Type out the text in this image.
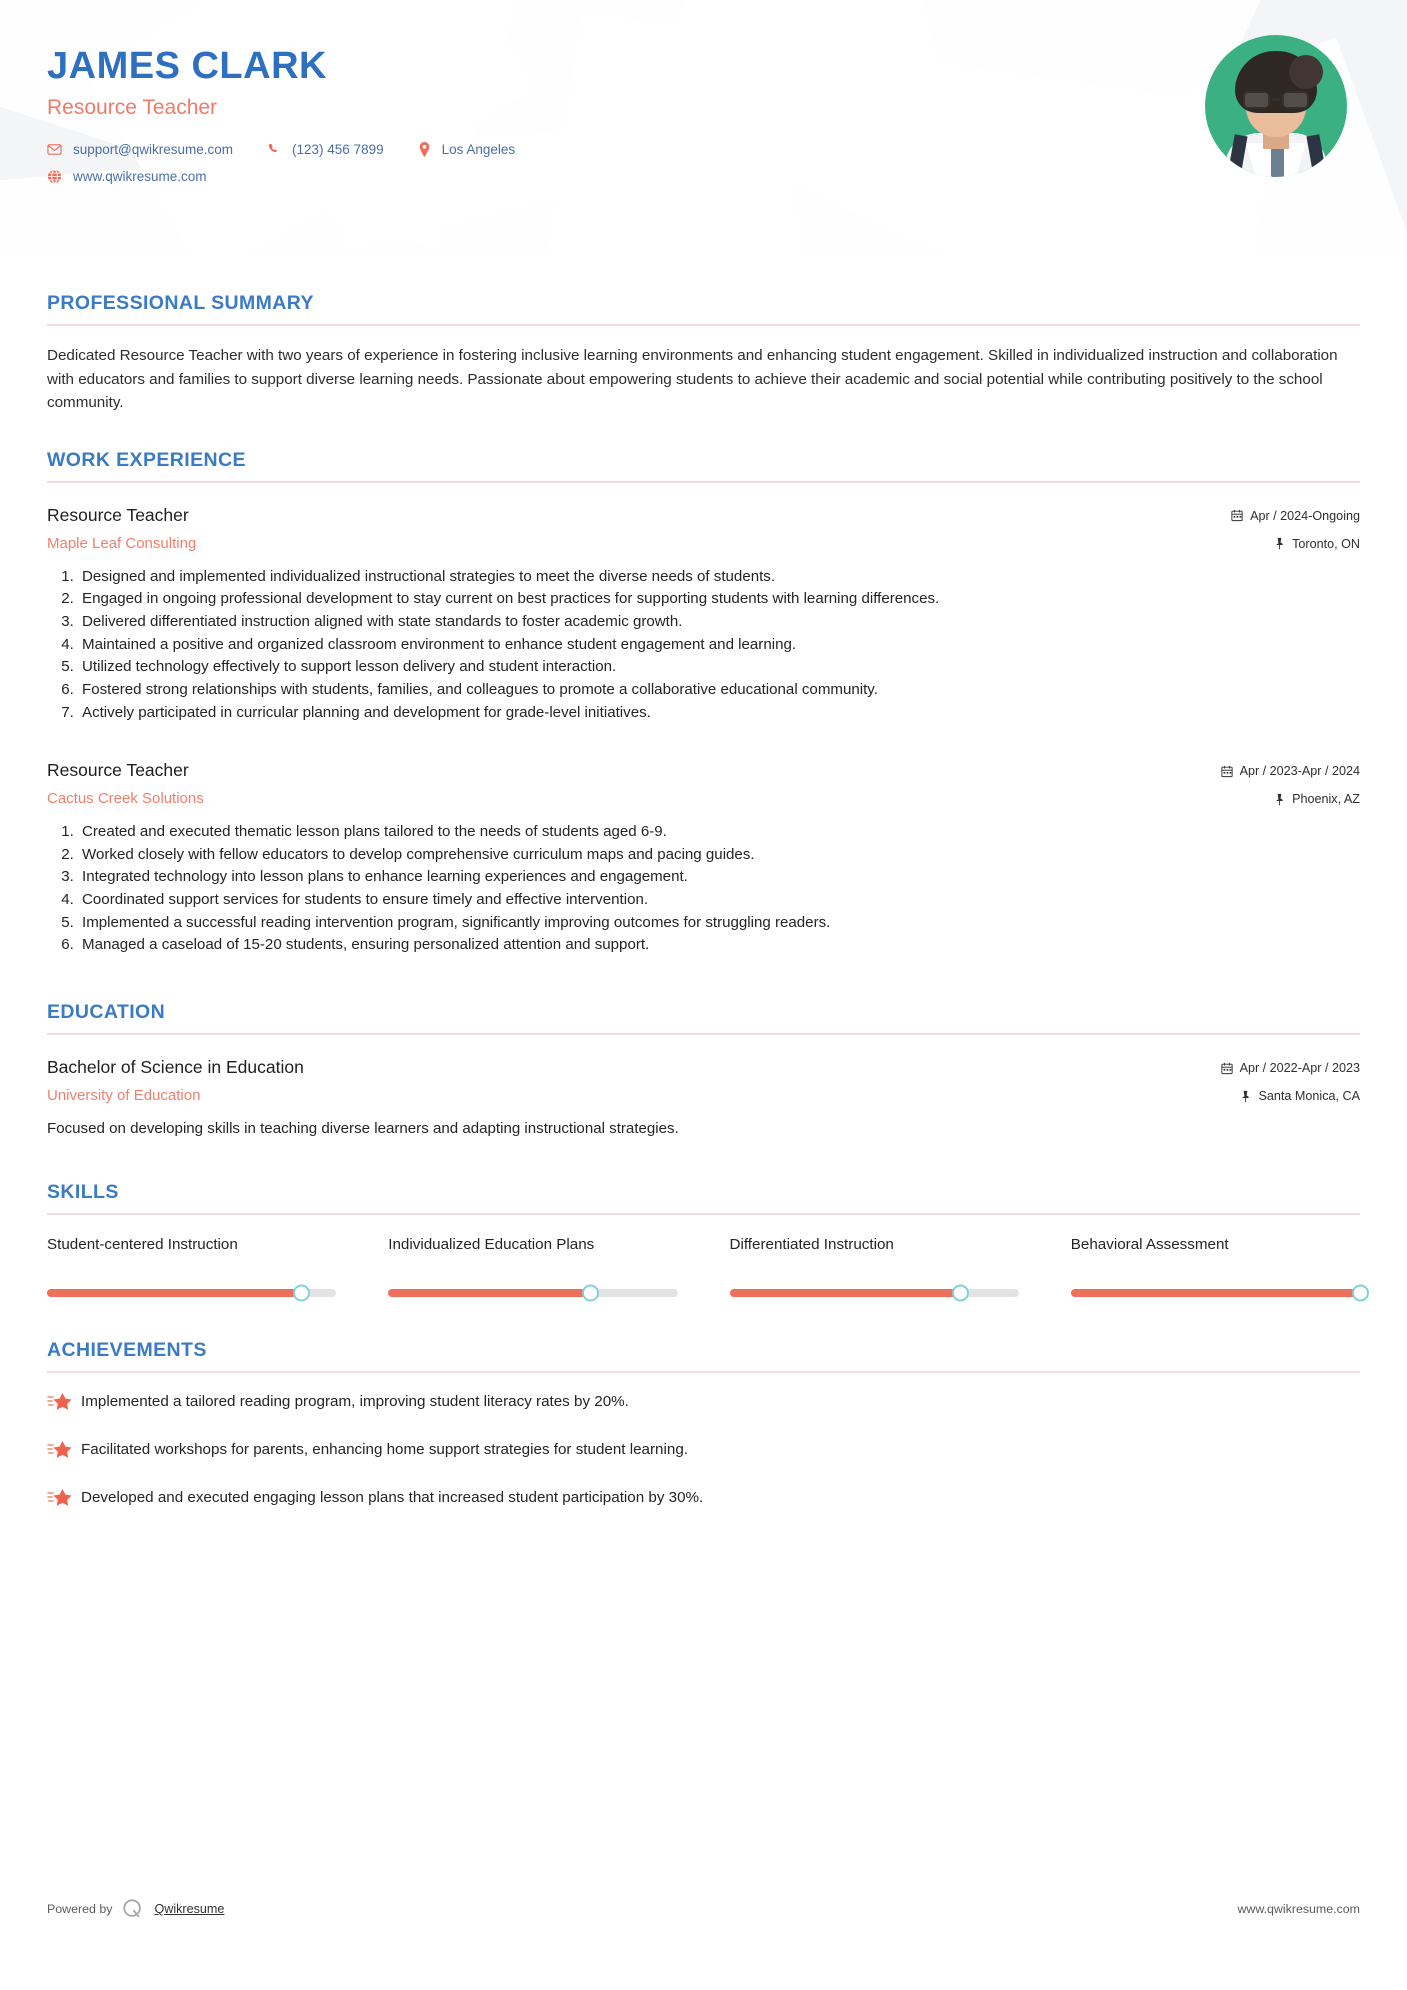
JAMES CLARK
Resource Teacher
support@qwikresume.com	(123) 456 7899	Los Angeles
www.qwikresume.com
PROFESSIONAL SUMMARY

Dedicated Resource Teacher with two years of experience in fostering inclusive learning environments and enhancing student engagement. Skilled in individualized instruction and collaboration with educators and families to support diverse learning needs. Passionate about empowering students to achieve their academic and social potential while contributing positively to the school community.

WORK EXPERIENCE
Resource Teacher
Maple Leaf Consulting
Apr / 2024-Ongoing
Toronto, ON
1. Designed and implemented individualized instructional strategies to meet the diverse needs of students.
2. Engaged in ongoing professional development to stay current on best practices for supporting students with learning differences.
3. Delivered differentiated instruction aligned with state standards to foster academic growth.
4. Maintained a positive and organized classroom environment to enhance student engagement and learning.
5. Utilized technology effectively to support lesson delivery and student interaction.
6. Fostered strong relationships with students, families, and colleagues to promote a collaborative educational community.
7. Actively participated in curricular planning and development for grade-level initiatives.
Resource Teacher
Cactus Creek Solutions
Apr / 2023-Apr / 2024
Phoenix, AZ
1. Created and executed thematic lesson plans tailored to the needs of students aged 6-9.
2. Worked closely with fellow educators to develop comprehensive curriculum maps and pacing guides.
3. Integrated technology into lesson plans to enhance learning experiences and engagement.
4. Coordinated support services for students to ensure timely and effective intervention.
5. Implemented a successful reading intervention program, significantly improving outcomes for struggling readers.
6. Managed a caseload of 15-20 students, ensuring personalized attention and support.
EDUCATION
Bachelor of Science in Education
University of Education
Apr / 2022-Apr / 2023
Santa Monica, CA
Focused on developing skills in teaching diverse learners and adapting instructional strategies.
SKILLS
Student-centered Instruction	Individualized Education Plans	Differentiated Instruction	Behavioral Assessment
ACHIEVEMENTS
Implemented a tailored reading program, improving student literacy rates by 20%.
Facilitated workshops for parents, enhancing home support strategies for student learning.
Developed and executed engaging lesson plans that increased student participation by 30%.
Powered by	Qwikresume	www.qwikresume.com
